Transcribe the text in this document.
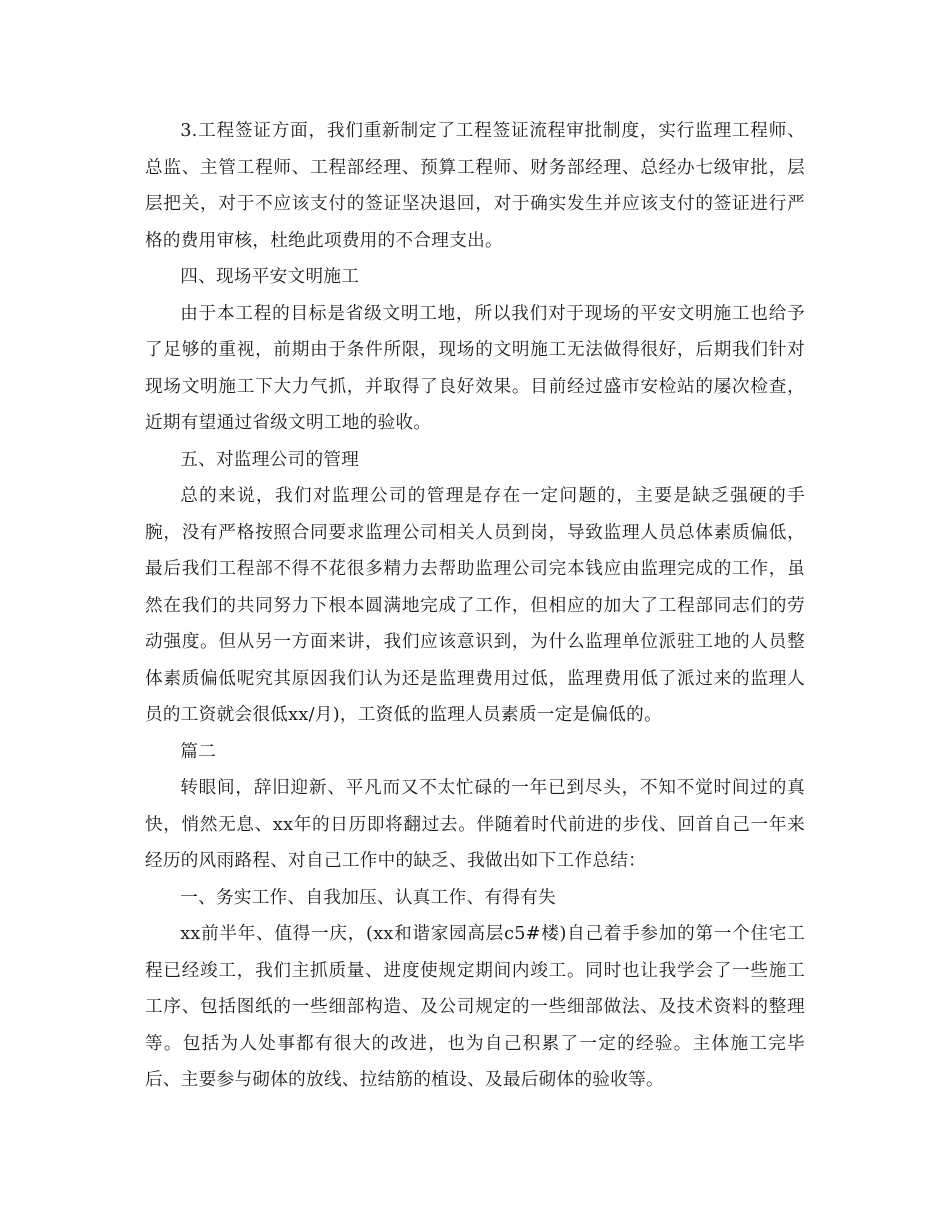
3.工程签证方面，我们重新制定了工程签证流程审批制度，实行监理工程师、总监、主管工程师、工程部经理、预算工程师、财务部经理、总经办七级审批，层层把关，对于不应该支付的签证坚决退回，对于确实发生并应该支付的签证进行严格的费用审核，杜绝此项费用的不合理支出。

四、现场平安文明施工

由于本工程的目标是省级文明工地，所以我们对于现场的平安文明施工也给予了足够的重视，前期由于条件所限，现场的文明施工无法做得很好，后期我们针对现场文明施工下大力气抓，并取得了良好效果。目前经过盛市安检站的屡次检查，近期有望通过省级文明工地的验收。

五、对监理公司的管理

总的来说，我们对监理公司的管理是存在一定问题的，主要是缺乏强硬的手腕，没有严格按照合同要求监理公司相关人员到岗，导致监理人员总体素质偏低，最后我们工程部不得不花很多精力去帮助监理公司完本钱应由监理完成的工作，虽然在我们的共同努力下根本圆满地完成了工作，但相应的加大了工程部同志们的劳动强度。但从另一方面来讲，我们应该意识到，为什么监理单位派驻工地的人员整体素质偏低呢究其原因我们认为还是监理费用过低，监理费用低了派过来的监理人员的工资就会很低xx/月)，工资低的监理人员素质一定是偏低的。

篇二

转眼间，辞旧迎新、平凡而又不太忙碌的一年已到尽头，不知不觉时间过的真快，悄然无息、xx年的日历即将翻过去。伴随着时代前进的步伐、回首自己一年来经历的风雨路程、对自己工作中的缺乏、我做出如下工作总结：

一、务实工作、自我加压、认真工作、有得有失

xx前半年、值得一庆，(xx和谐家园高层c5#楼)自己着手参加的第一个住宅工程已经竣工，我们主抓质量、进度使规定期间内竣工。同时也让我学会了一些施工工序、包括图纸的一些细部构造、及公司规定的一些细部做法、及技术资料的整理等。包括为人处事都有很大的改进，也为自己积累了一定的经验。主体施工完毕后、主要参与砌体的放线、拉结筋的植设、及最后砌体的验收等。
